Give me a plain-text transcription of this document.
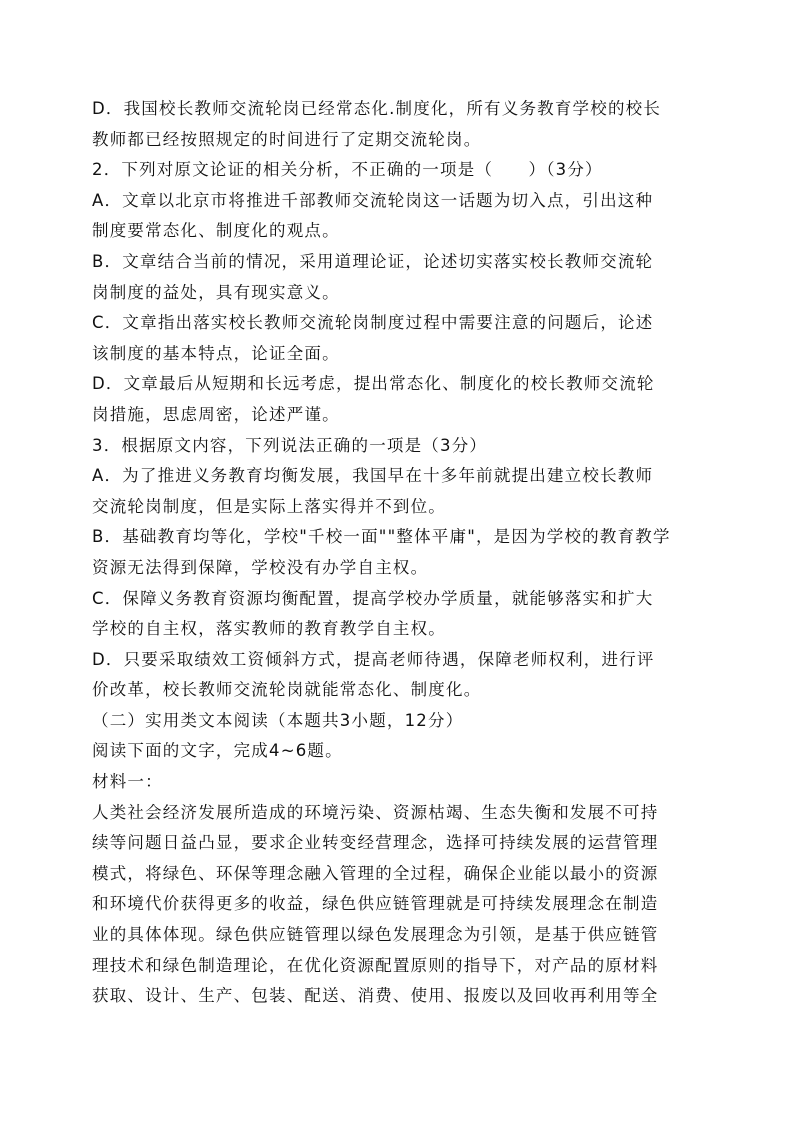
D．我国校长教师交流轮岗已经常态化.制度化，所有义务教育学校的校长
教师都已经按照规定的时间进行了定期交流轮岗。
2．下列对原文论证的相关分析，不正确的一项是（　　）（3分）
A．文章以北京市将推进千部教师交流轮岗这一话题为切入点，引出这种
制度要常态化、制度化的观点。
B．文章结合当前的情况，采用道理论证，论述切实落实校长教师交流轮
岗制度的益处，具有现实意义。
C．文章指出落实校长教师交流轮岗制度过程中需要注意的问题后，论述
该制度的基本特点，论证全面。
D．文章最后从短期和长远考虑，提出常态化、制度化的校长教师交流轮
岗措施，思虑周密，论述严谨。
3．根据原文内容，下列说法正确的一项是（3分）
A．为了推进义务教育均衡发展，我国早在十多年前就提出建立校长教师
交流轮岗制度，但是实际上落实得并不到位。
B．基础教育均等化，学校"千校一面""整体平庸"，是因为学校的教育教学
资源无法得到保障，学校没有办学自主权。
C．保障义务教育资源均衡配置，提高学校办学质量，就能够落实和扩大
学校的自主权，落实教师的教育教学自主权。
D．只要采取绩效工资倾斜方式，提高老师待遇，保障老师权利，进行评
价改革，校长教师交流轮岗就能常态化、制度化。
（二）实用类文本阅读（本题共3小题，12分）
阅读下面的文字，完成4~6题。
材料一：
人类社会经济发展所造成的环境污染、资源枯竭、生态失衡和发展不可持
续等问题日益凸显，要求企业转变经营理念，选择可持续发展的运营管理
模式，将绿色、环保等理念融入管理的全过程，确保企业能以最小的资源
和环境代价获得更多的收益，绿色供应链管理就是可持续发展理念在制造
业的具体体现。绿色供应链管理以绿色发展理念为引领，是基于供应链管
理技术和绿色制造理论，在优化资源配置原则的指导下，对产品的原材料
获取、设计、生产、包装、配送、消费、使用、报废以及回收再利用等全
